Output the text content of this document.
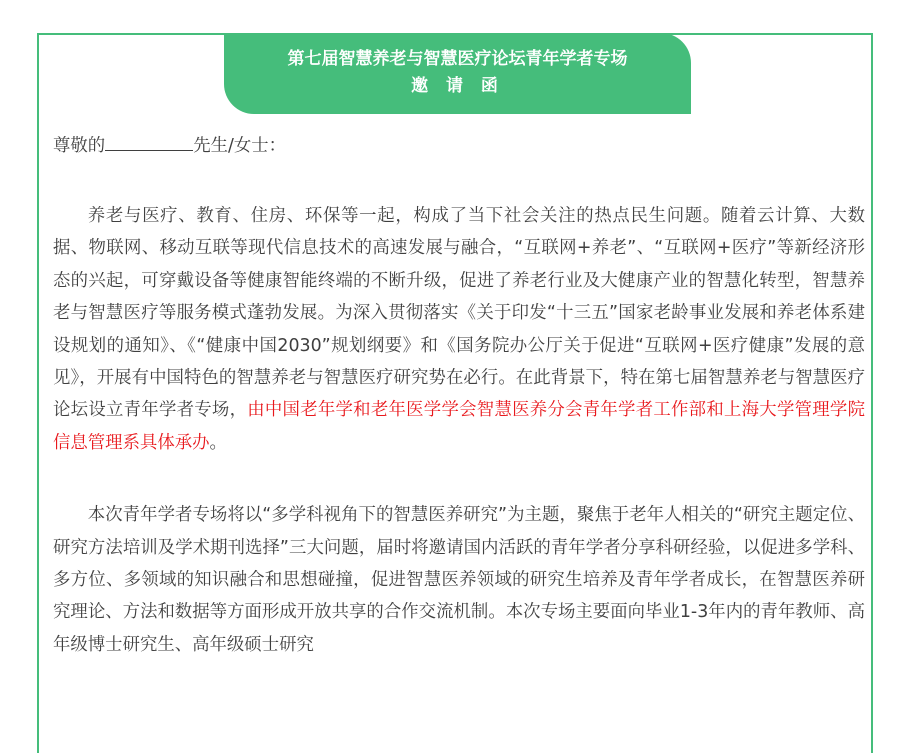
第七届智慧养老与智慧医疗论坛青年学者专场
邀 请 函

尊敬的	先生/女士：

养老与医疗、教育、住房、环保等一起，构成了当下社会关注的热点民生问题。随着云计算、大数据、物联网、移动互联等现代信息技术的高速发展与融合，“互联网+养老”、“互联网+医疗”等新经济形态的兴起，可穿戴设备等健康智能终端的不断升级，促进了养老行业及大健康产业的智慧化转型，智慧养老与智慧医疗等服务模式蓬勃发展。为深入贯彻落实《关于印发“十三五”国家老龄事业发展和养老体系建设规划的通知》、《“健康中国2030”规划纲要》和《国务院办公厅关于促进“互联网+医疗健康”发展的意见》，开展有中国特色的智慧养老与智慧医疗研究势在必行。在此背景下，特在第七届智慧养老与智慧医疗论坛设立青年学者专场，由中国老年学和老年医学学会智慧医养分会青年学者工作部和上海大学管理学院信息管理系具体承办。

本次青年学者专场将以“多学科视角下的智慧医养研究”为主题，聚焦于老年人相关的“研究主题定位、研究方法培训及学术期刊选择”三大问题，届时将邀请国内活跃的青年学者分享科研经验，以促进多学科、多方位、多领域的知识融合和思想碰撞，促进智慧医养领域的研究生培养及青年学者成长，在智慧医养研究理论、方法和数据等方面形成开放共享的合作交流机制。本次专场主要面向毕业1-3年内的青年教师、高年级博士研究生、高年级硕士研究
